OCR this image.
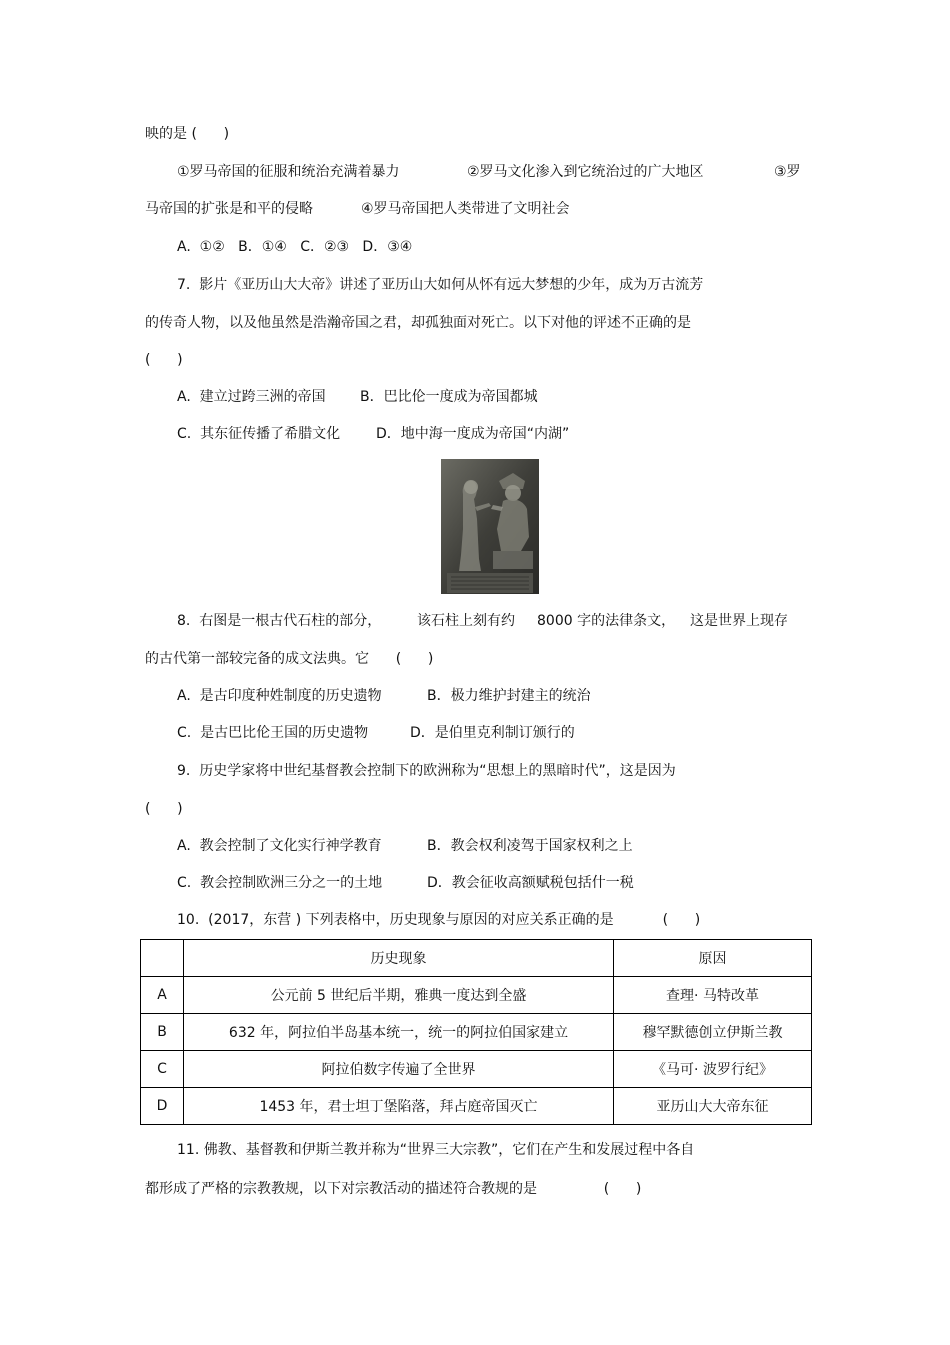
映的是 (      )
①罗马帝国的征服和统治充满着暴力	②罗马文化渗入到它统治过的广大地区	③罗
马帝国的扩张是和平的侵略	④罗马帝国把人类带进了文明社会
A.  ①②   B．①④   C．②③   D．③④
7.  影片《亚历山大大帝》讲述了亚历山大如何从怀有远大梦想的少年，成为万古流芳
的传奇人物，以及他虽然是浩瀚帝国之君，却孤独面对死亡。以下对他的评述不正确的是
(      )
A.  建立过跨三洲的帝国 B．巴比伦一度成为帝国都城
C.  其东征传播了希腊文化	D．地中海一度成为帝国“内湖”
8.  右图是一根古代石柱的部分，	该石柱上刻有约 8000 字的法律条文， 这是世界上现存
的古代第一部较完备的成文法典。它      (      )
A.  是古印度种姓制度的历史遗物	B．极力维护封建主的统治
C.  是古巴比伦王国的历史遗物	D．是伯里克利制订颁行的
9.  历史学家将中世纪基督教会控制下的欧洲称为“思想上的黑暗时代”，这是因为
(      )
A.  教会控制了文化实行神学教育	B．教会权利凌驾于国家权利之上
C.  教会控制欧洲三分之一的土地	D．教会征收高额赋税包括什一税
10.  (2017，东营 ) 下列表格中，历史现象与原因的对应关系正确的是           (      )
	历史现象	原因
A	公元前 5 世纪后半期，雅典一度达到全盛	查理· 马特改革
B	632 年，阿拉伯半岛基本统一，统一的阿拉伯国家建立	穆罕默德创立伊斯兰教
C	阿拉伯数字传遍了全世界	《马可· 波罗行纪》
D	1453 年，君士坦丁堡陷落，拜占庭帝国灭亡	亚历山大大帝东征
11. 佛教、基督教和伊斯兰教并称为“世界三大宗教”，它们在产生和发展过程中各自
都形成了严格的宗教教规，以下对宗教活动的描述符合教规的是               (      )
